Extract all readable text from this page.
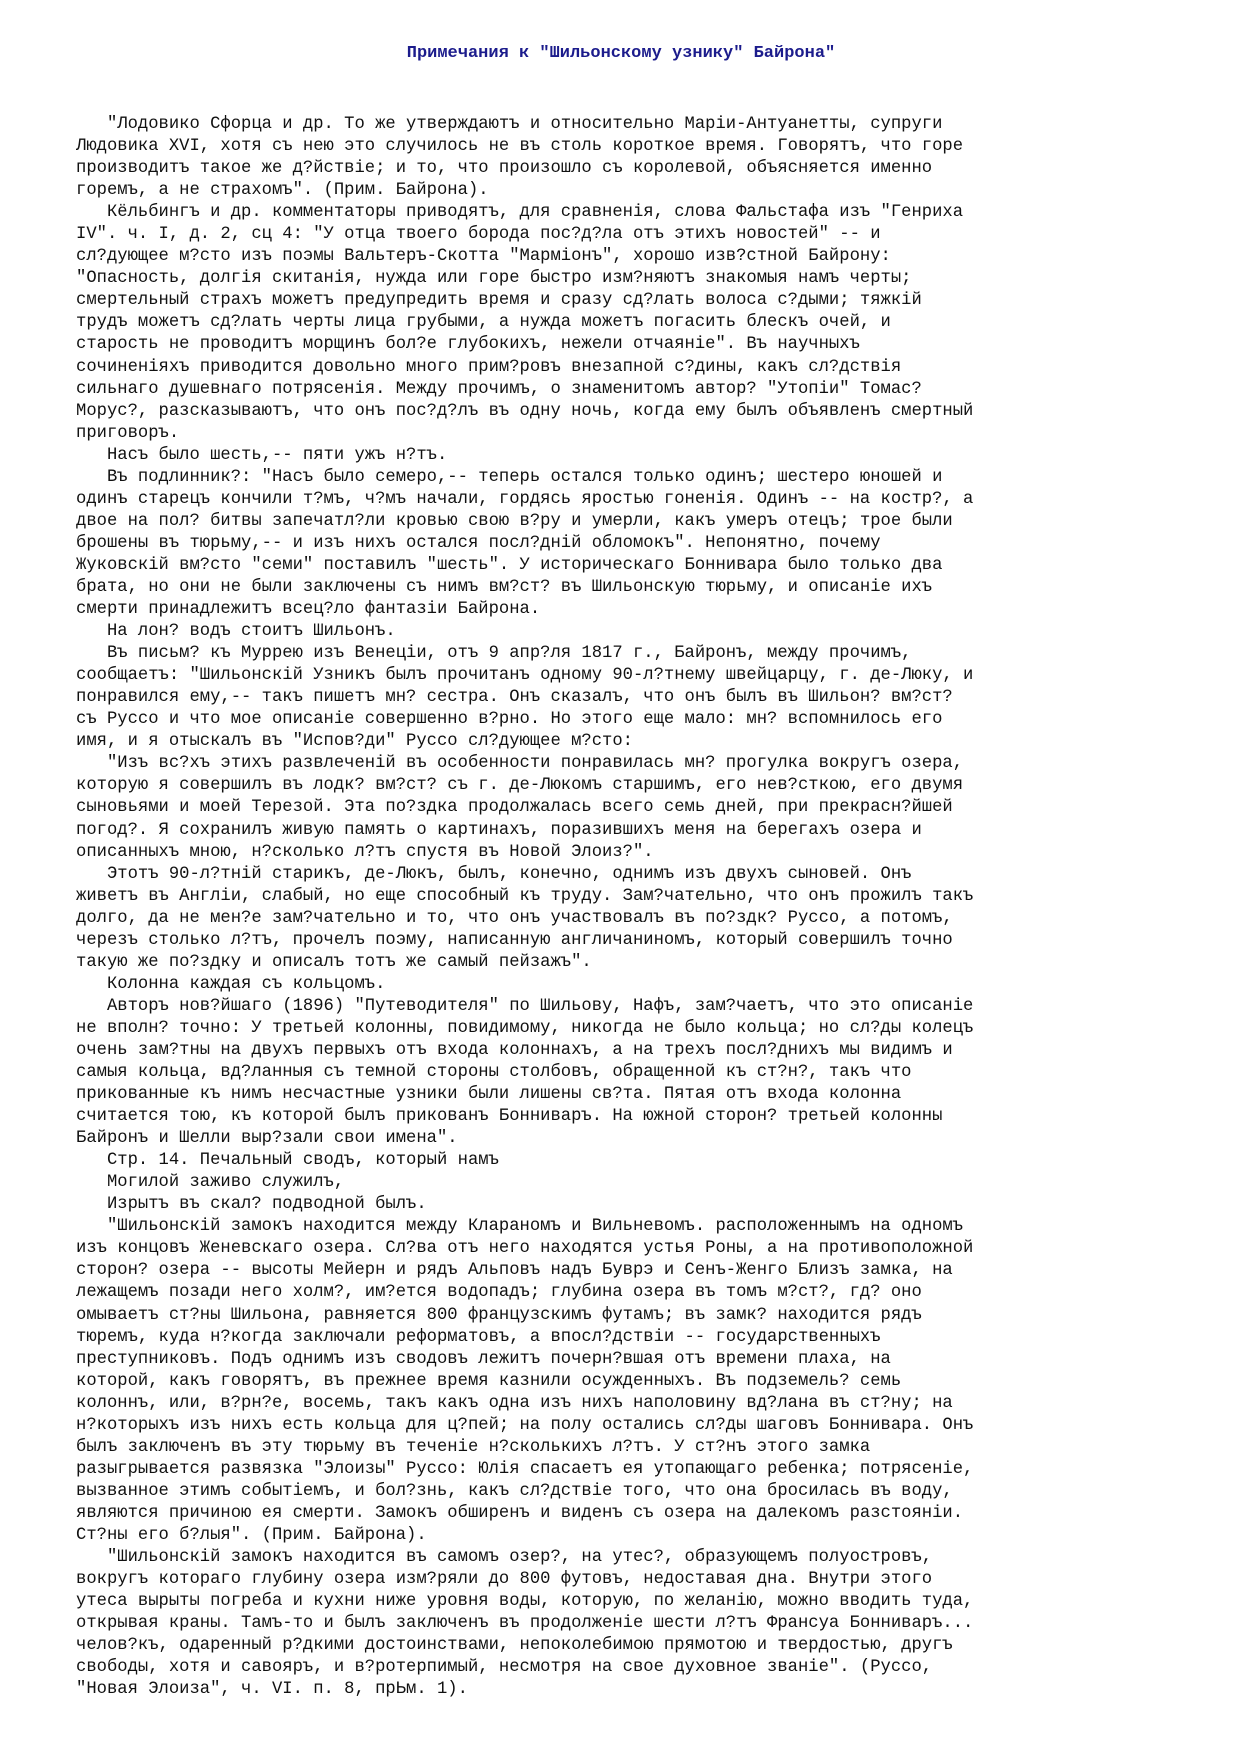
Примечания к "Шильонскому узнику" Байрона"
"Лодовико Сфорца и др. То же утверждаютъ и относительно Маріи-Антуанетты, супруги
Людовика XVI, хотя съ нею это случилось не въ столь короткое время. Говорятъ, что горе
производитъ такое же д?йствіе; и то, что произошло съ королевой, объясняется именно
горемъ, а не страхомъ". (Прим. Байрона).
Кёльбингъ и др. комментаторы приводятъ, для сравненія, слова Фальстафа изъ "Генриха
IV". ч. I, д. 2, сц 4: "У отца твоего борода пос?д?ла отъ этихъ новостей" -- и
сл?дующее м?сто изъ поэмы Вальтеръ-Скотта "Марміонъ", хорошо изв?стной Байрону:
"Опасность, долгія скитанія, нужда или горе быстро изм?няютъ знакомыя намъ черты;
смертельный страхъ можетъ предупредить время и сразу сд?лать волоса с?дыми; тяжкій
трудъ можетъ сд?лать черты лица грубыми, а нужда можетъ погасить блескъ очей, и
старость не проводитъ морщинъ бол?е глубокихъ, нежели отчаяніе". Въ научныхъ
сочиненіяхъ приводится довольно много прим?ровъ внезапной с?дины, какъ сл?дствія
сильнаго душевнаго потрясенія. Между прочимъ, о знаменитомъ автор? "Утопіи" Томас?
Морус?, разсказываютъ, что онъ пос?д?лъ въ одну ночь, когда ему былъ объявленъ смертный
приговоръ.
Насъ было шесть,-- пяти ужъ н?тъ.
Въ подлинник?: "Насъ было семеро,-- теперь остался только одинъ; шестеро юношей и
одинъ старецъ кончили т?мъ, ч?мъ начали, гордясь яростью гоненія. Одинъ -- на костр?, а
двое на пол? битвы запечатл?ли кровью свою в?ру и умерли, какъ умеръ отецъ; трое были
брошены въ тюрьму,-- и изъ нихъ остался посл?дній обломокъ". Непонятно, почему
Жуковскій вм?сто "семи" поставилъ "шесть". У историческаго Боннивара было только два
брата, но они не были заключены съ нимъ вм?ст? въ Шильонскую тюрьму, и описаніе ихъ
смерти принадлежитъ всец?ло фантазіи Байрона.
На лон? водъ стоитъ Шильонъ.
Въ письм? къ Муррею изъ Венеціи, отъ 9 апр?ля 1817 г., Байронъ, между прочимъ,
сообщаетъ: "Шильонскій Узникъ былъ прочитанъ одному 90-л?тнему швейцарцу, г. де-Люку, и
понравился ему,-- такъ пишетъ мн? сестра. Онъ сказалъ, что онъ былъ въ Шильон? вм?ст?
съ Руссо и что мое описаніе совершенно в?рно. Но этого еще мало: мн? вспомнилось его
имя, и я отыскалъ въ "Испов?ди" Руссо сл?дующее м?сто:
"Изъ вс?хъ этихъ развлеченій въ особенности понравилась мн? прогулка вокругъ озера,
которую я совершилъ въ лодк? вм?ст? съ г. де-Люкомъ старшимъ, его нев?сткою, его двумя
сыновьями и моей Терезой. Эта по?здка продолжалась всего семь дней, при прекрасн?йшей
погод?. Я сохранилъ живую память о картинахъ, поразившихъ меня на берегахъ озера и
описанныхъ мною, н?сколько л?тъ спустя въ Новой Элоиз?".
Этотъ 90-л?тній старикъ, де-Люкъ, былъ, конечно, однимъ изъ двухъ сыновей. Онъ
живетъ въ Англіи, слабый, но еще способный къ труду. Зам?чательно, что онъ прожилъ такъ
долго, да не мен?е зам?чательно и то, что онъ участвовалъ въ по?здк? Руссо, а потомъ,
черезъ столько л?тъ, прочелъ поэму, написанную англичаниномъ, который совершилъ точно
такую же по?здку и описалъ тотъ же самый пейзажъ".
Колонна каждая съ кольцомъ.
Авторъ нов?йшаго (1896) "Путеводителя" по Шильову, Нафъ, зам?чаетъ, что это описаніе
не вполн? точно: У третьей колонны, повидимому, никогда не было кольца; но сл?ды колецъ
очень зам?тны на двухъ первыхъ отъ входа колоннахъ, а на трехъ посл?днихъ мы видимъ и
самыя кольца, вд?ланныя съ темной стороны столбовъ, обращенной къ ст?н?, такъ что
прикованные къ нимъ несчастные узники были лишены св?та. Пятая отъ входа колонна
считается тою, къ которой былъ прикованъ Бонниваръ. На южной сторон? третьей колонны
Байронъ и Шелли выр?зали свои имена".
Стр. 14. Печальный сводъ, который намъ
Могилой заживо служилъ,
Изрытъ въ скал? подводной былъ.
"Шильонскій замокъ находится между Клараномъ и Вильневомъ. расположеннымъ на одномъ
изъ концовъ Женевскаго озера. Сл?ва отъ него находятся устья Роны, а на противоположной
сторон? озера -- высоты Мейерн и рядъ Альповъ надъ Буврэ и Сенъ-Женго Близъ замка, на
лежащемъ позади него холм?, им?ется водопадъ; глубина озера въ томъ м?ст?, гд? оно
омываетъ ст?ны Шильона, равняется 800 французскимъ футамъ; въ замк? находится рядъ
тюремъ, куда н?когда заключали реформатовъ, а впосл?дствіи -- государственныхъ
преступниковъ. Подъ однимъ изъ сводовъ лежитъ почерн?вшая отъ времени плаха, на
которой, какъ говорятъ, въ прежнее время казнили осужденныхъ. Въ подземель? семь
колоннъ, или, в?рн?е, восемь, такъ какъ одна изъ нихъ наполовину вд?лана въ ст?ну; на
н?которыхъ изъ нихъ есть кольца для ц?пей; на полу остались сл?ды шаговъ Боннивара. Онъ
былъ заключенъ въ эту тюрьму въ теченіе н?сколькихъ л?тъ. У ст?нъ этого замка
разыгрывается развязка "Элоизы" Руссо: Юлія спасаетъ ея утопающаго ребенка; потрясеніе,
вызванное этимъ событіемъ, и бол?знь, какъ сл?дствіе того, что она бросилась въ воду,
являются причиною ея смерти. Замокъ обширенъ и виденъ съ озера на далекомъ разстояніи.
Ст?ны его б?лыя". (Прим. Байрона).
"Шильонскій замокъ находится въ самомъ озер?, на утес?, образующемъ полуостровъ,
вокругъ котораго глубину озера изм?ряли до 800 футовъ, недоставая дна. Внутри этого
утеса вырыты погреба и кухни ниже уровня воды, которую, по желанію, можно вводить туда,
открывая краны. Тамъ-то и былъ заключенъ въ продолженіе шести л?тъ Франсуа Бонниваръ...
челов?къ, одаренный р?дкими достоинствами, непоколебимою прямотою и твердостью, другъ
свободы, хотя и савояръ, и в?ротерпимый, несмотря на свое духовное званіе". (Руссо,
"Новая Элоиза", ч. VI. п. 8, прЬм. 1).
